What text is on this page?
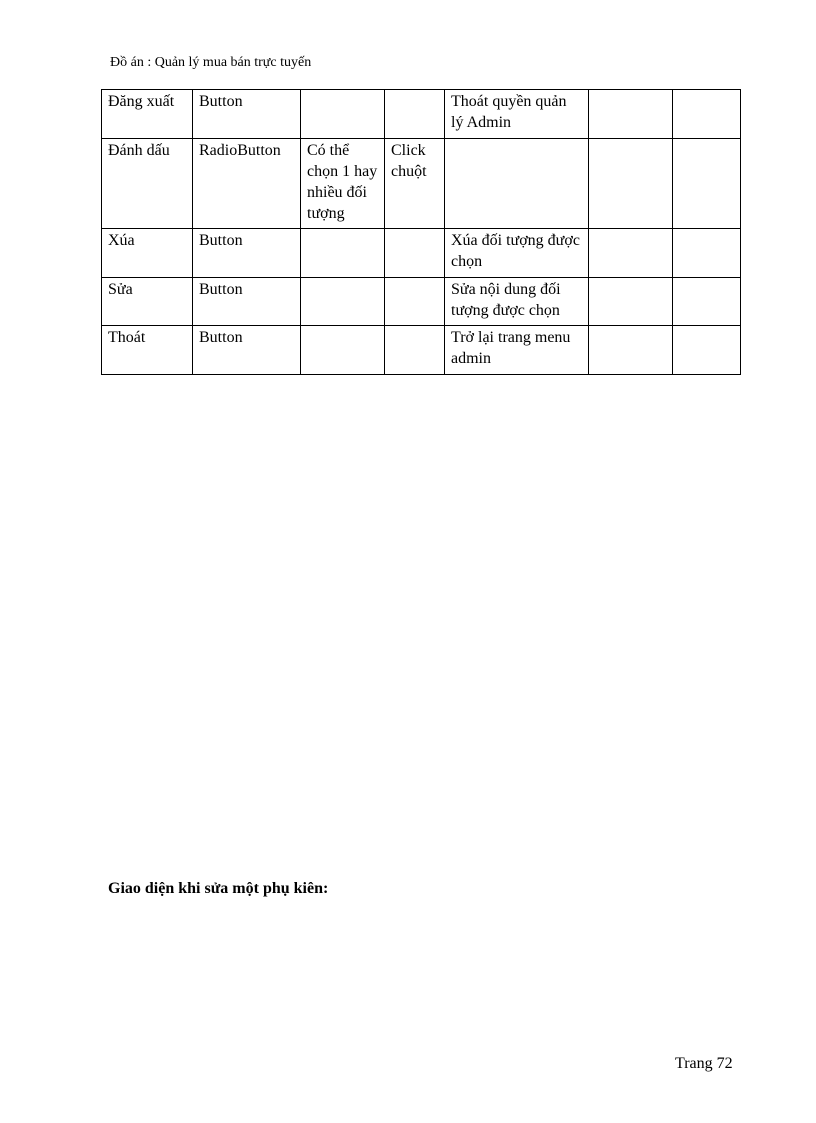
Đồ án : Quản lý mua bán trực tuyến
Đăng xuất	Button			Thoát quyền quản lý Admin		
Đánh dấu	RadioButton	Có thể chọn 1 hay nhiều đối tượng	Click chuột			
Xúa	Button			Xúa đối tượng được chọn		
Sửa	Button			Sửa nội dung đối tượng được chọn		
Thoát	Button			Trở lại trang menu admin		
Giao diện khi sửa một phụ kiên:
Trang 72
